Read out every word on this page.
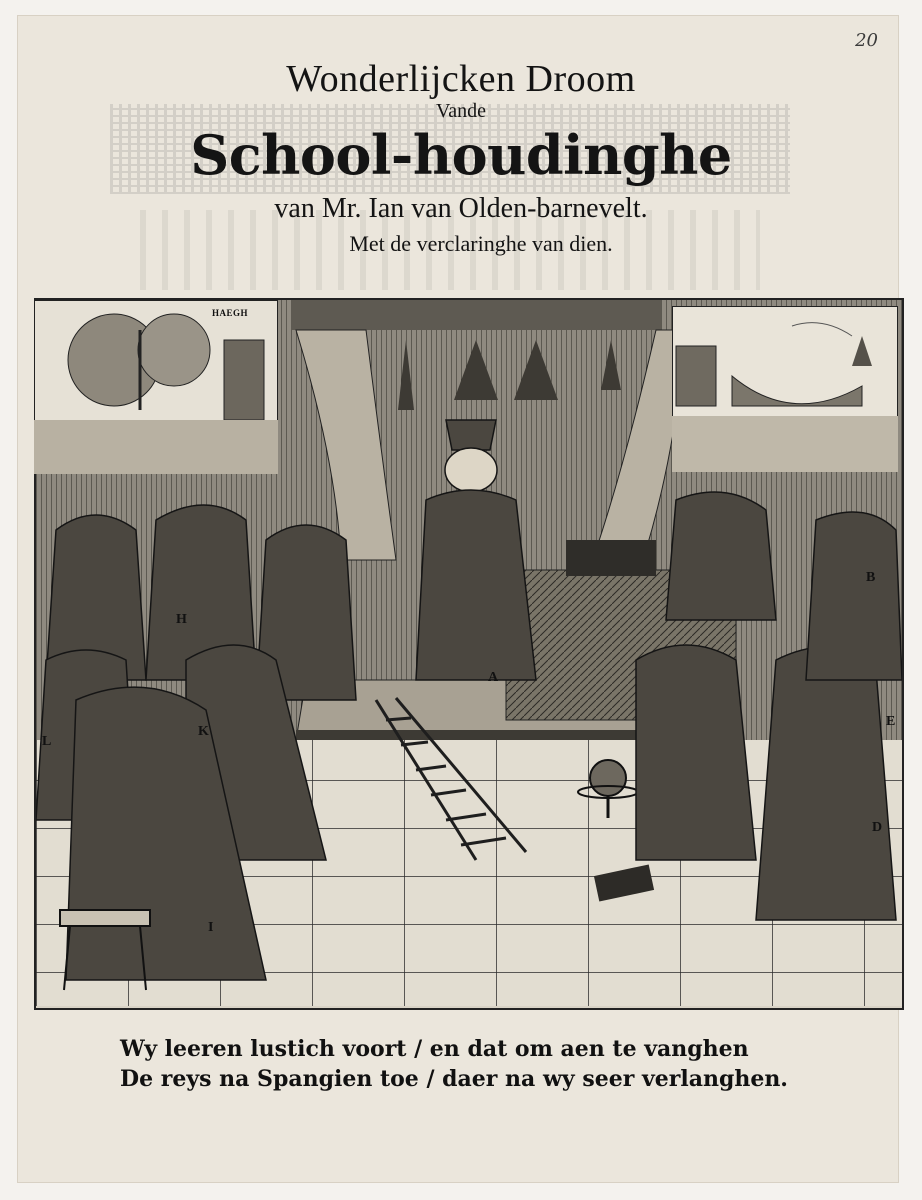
20
Wonderlijcken Droom
Vande
School-houdinghe
van Mr. Ian van Olden-barnevelt.
Met de verclaringhe van dien.
A
H
K
L
I
E
D
B
HAEGH
Wy leeren lustich voort / en dat om aen te vanghen
De reys na Spangien toe / daer na wy seer verlanghen.
